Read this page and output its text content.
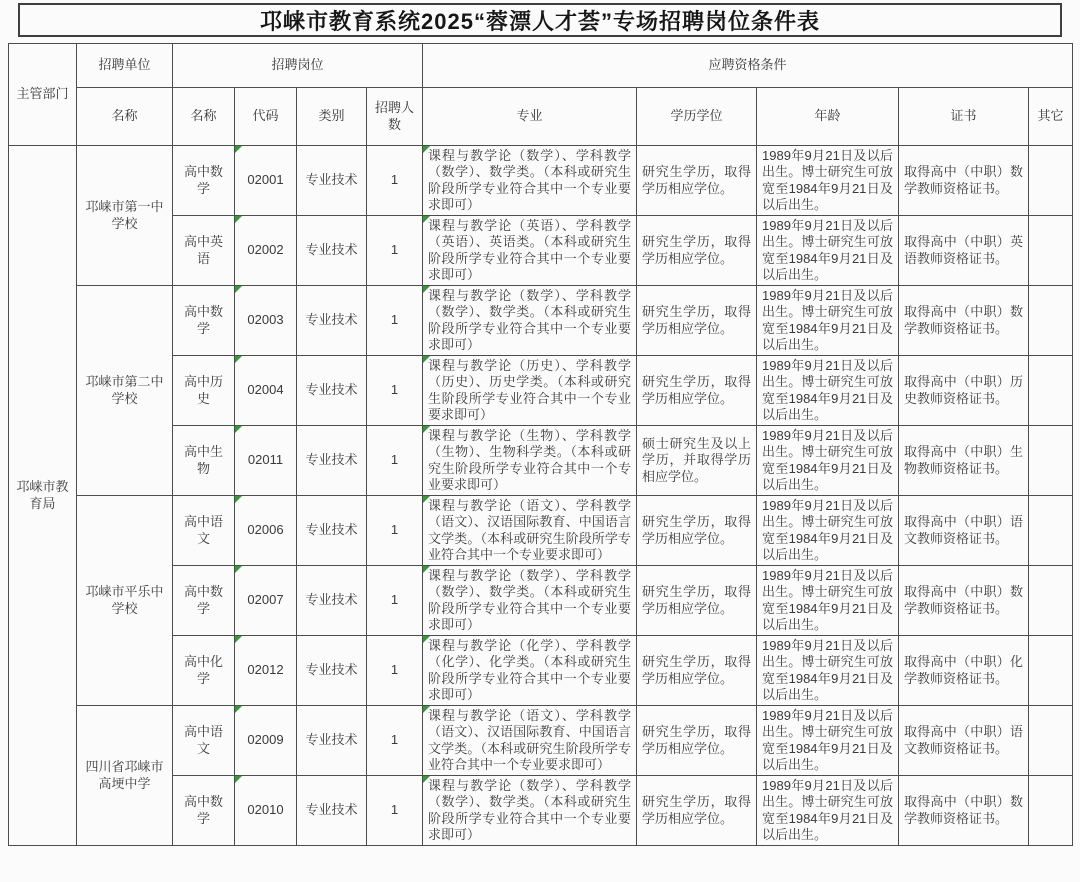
邛崃市教育系统2025“蓉漂人才荟”专场招聘岗位条件表
主管部门	招聘单位	招聘岗位				应聘资格条件				
	名称	名称	代码	类别	招聘人数	专业	学历学位	年龄	证书	其它
邛崃市教育局	邛崃市第一中学校	高中数学	02001	专业技术	1	课程与教学论（数学）、学科教学（数学）、数学类。（本科或研究生阶段所学专业符合其中一个专业要求即可）	研究生学历，取得学历相应学位。	1989年9月21日及以后出生。博士研究生可放宽至1984年9月21日及以后出生。	取得高中（中职）数学教师资格证书。	
		高中英语	02002	专业技术	1	课程与教学论（英语）、学科教学（英语）、英语类。（本科或研究生阶段所学专业符合其中一个专业要求即可）	研究生学历，取得学历相应学位。	1989年9月21日及以后出生。博士研究生可放宽至1984年9月21日及以后出生。	取得高中（中职）英语教师资格证书。	
	邛崃市第二中学校	高中数学	02003	专业技术	1	课程与教学论（数学）、学科教学（数学）、数学类。（本科或研究生阶段所学专业符合其中一个专业要求即可）	研究生学历，取得学历相应学位。	1989年9月21日及以后出生。博士研究生可放宽至1984年9月21日及以后出生。	取得高中（中职）数学教师资格证书。	
		高中历史	02004	专业技术	1	课程与教学论（历史）、学科教学（历史）、历史学类。（本科或研究生阶段所学专业符合其中一个专业要求即可）	研究生学历，取得学历相应学位。	1989年9月21日及以后出生。博士研究生可放宽至1984年9月21日及以后出生。	取得高中（中职）历史教师资格证书。	
		高中生物	02011	专业技术	1	课程与教学论（生物）、学科教学（生物）、生物科学类。（本科或研究生阶段所学专业符合其中一个专业要求即可）	硕士研究生及以上学历，并取得学历相应学位。	1989年9月21日及以后出生。博士研究生可放宽至1984年9月21日及以后出生。	取得高中（中职）生物教师资格证书。	
	邛崃市平乐中学校	高中语文	02006	专业技术	1	课程与教学论（语文）、学科教学（语文）、汉语国际教育、中国语言文学类。（本科或研究生阶段所学专业符合其中一个专业要求即可）	研究生学历，取得学历相应学位。	1989年9月21日及以后出生。博士研究生可放宽至1984年9月21日及以后出生。	取得高中（中职）语文教师资格证书。	
		高中数学	02007	专业技术	1	课程与教学论（数学）、学科教学（数学）、数学类。（本科或研究生阶段所学专业符合其中一个专业要求即可）	研究生学历，取得学历相应学位。	1989年9月21日及以后出生。博士研究生可放宽至1984年9月21日及以后出生。	取得高中（中职）数学教师资格证书。	
		高中化学	02012	专业技术	1	课程与教学论（化学）、学科教学（化学）、化学类。（本科或研究生阶段所学专业符合其中一个专业要求即可）	研究生学历，取得学历相应学位。	1989年9月21日及以后出生。博士研究生可放宽至1984年9月21日及以后出生。	取得高中（中职）化学教师资格证书。	
	四川省邛崃市高埂中学	高中语文	02009	专业技术	1	课程与教学论（语文）、学科教学（语文）、汉语国际教育、中国语言文学类。（本科或研究生阶段所学专业符合其中一个专业要求即可）	研究生学历，取得学历相应学位。	1989年9月21日及以后出生。博士研究生可放宽至1984年9月21日及以后出生。	取得高中（中职）语文教师资格证书。	
		高中数学	02010	专业技术	1	课程与教学论（数学）、学科教学（数学）、数学类。（本科或研究生阶段所学专业符合其中一个专业要求即可）	研究生学历，取得学历相应学位。	1989年9月21日及以后出生。博士研究生可放宽至1984年9月21日及以后出生。	取得高中（中职）数学教师资格证书。	
